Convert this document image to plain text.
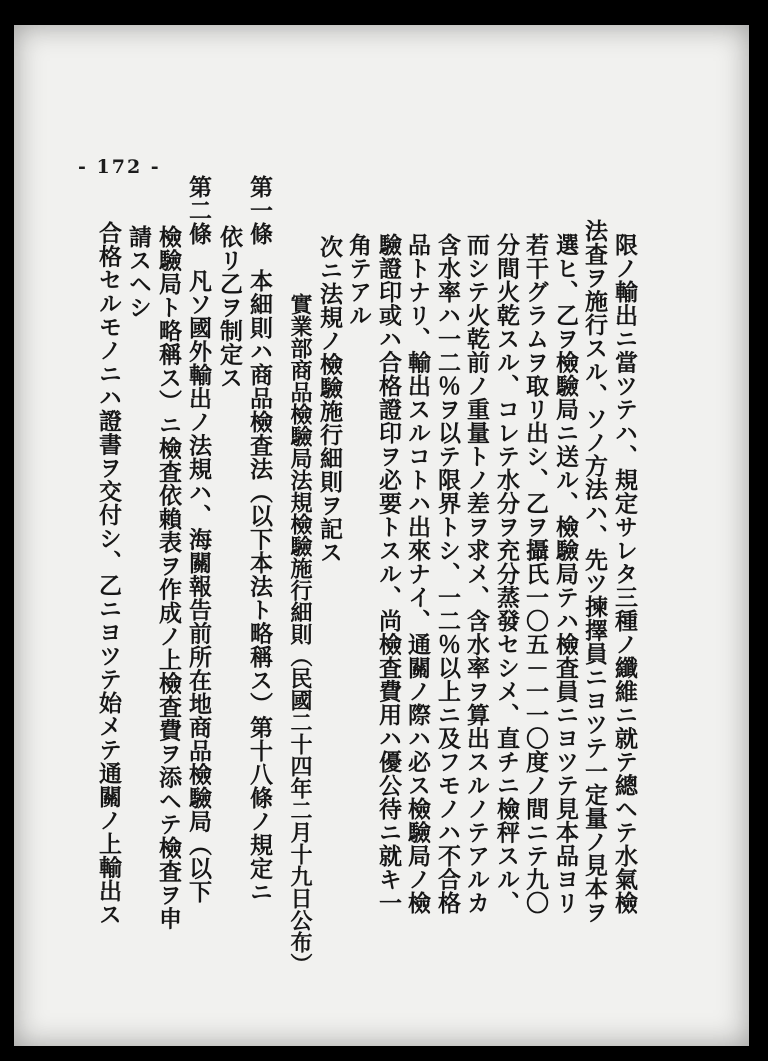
- 172 -
限ノ輸出ニ當ツテハ、規定サレタ三種ノ纖維ニ就テ總ヘテ水氣檢
法査ヲ施行スル、ソノ方法ハ、先ツ揀擇員ニヨツテ一定量ノ見本ヲ
選ヒ、乙ヲ檢驗局ニ送ル、檢驗局テハ檢査員ニヨツテ見本品ヨリ
若干グラムヲ取リ出シ、乙ヲ攝氏一〇五－一一〇度ノ間ニテ九〇
分間火乾スル、コレテ水分ヲ充分蒸發セシメ、直チニ檢秤スル、
而シテ火乾前ノ重量トノ差ヲ求メ、含水率ヲ算出スルノテアルカ
含水率ハ一二％ヲ以テ限界トシ、一二％以上ニ及フモノハ不合格
品トナリ、輸出スルコトハ出來ナイ、通關ノ際ハ必ス檢驗局ノ檢
驗證印或ハ合格證印ヲ必要トスル、尚檢査費用ハ優公待ニ就キ一
角テアル
次ニ法規ノ檢驗施行細則ヲ記ス
實業部商品檢驗局法規檢驗施行細則（民國二十四年二月十九日公布）
第一條　本細則ハ商品檢査法（以下本法ト略稱ス）第十八條ノ規定ニ
依リ乙ヲ制定ス
第二條　凡ソ國外輸出ノ法規ハ、海關報告前所在地商品檢驗局（以下
檢驗局ト略稱ス）ニ檢査依賴表ヲ作成ノ上檢査費ヲ添ヘテ檢査ヲ申
請スヘシ
合格セルモノニハ證書ヲ交付シ、乙ニヨツテ始メテ通關ノ上輸出ス
